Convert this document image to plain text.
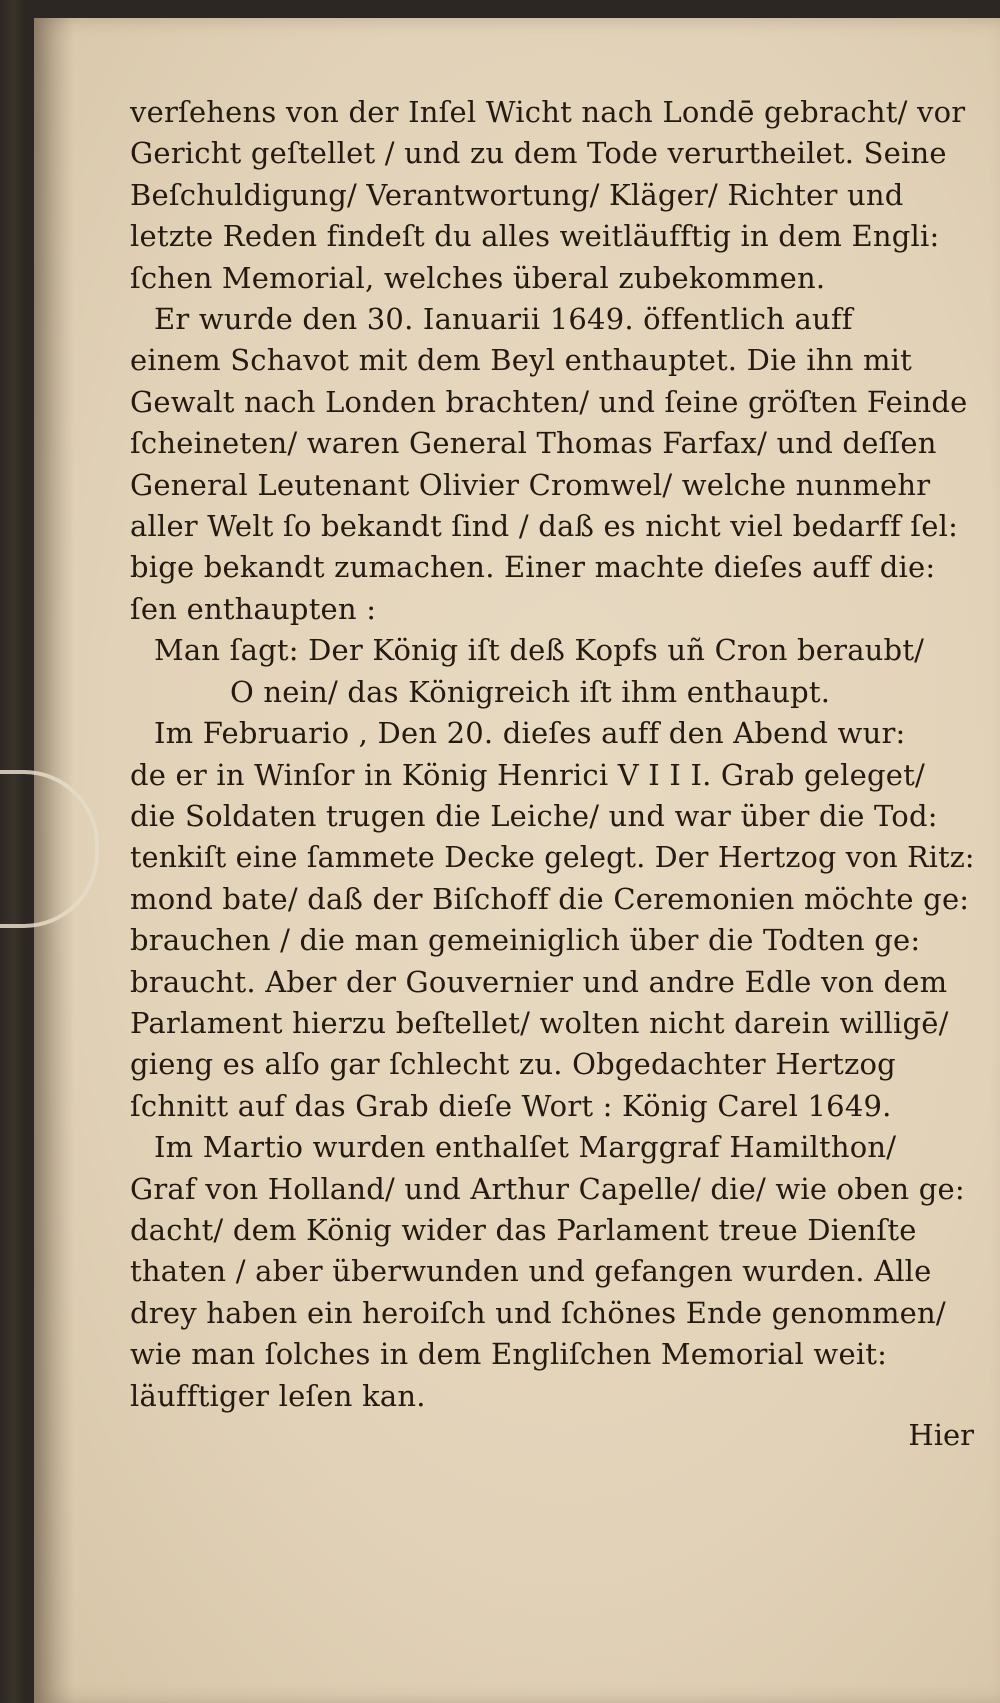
verſehens von der Inſel Wicht nach Londē gebracht/ vor
Gericht geſtellet / und zu dem Tode verurtheilet. Seine
Beſchuldigung/ Verantwortung/ Kläger/ Richter und
letzte Reden findeſt du alles weitläufftig in dem Engli:
ſchen Memorial, welches überal zubekommen.
Er wurde den 30. Ianuarii 1649. öffentlich auff
einem Schavot mit dem Beyl enthauptet. Die ihn mit
Gewalt nach Londen brachten/ und ſeine gröſten Feinde
ſcheineten/ waren General Thomas Farfax/ und deſſen
General Leutenant Olivier Cromwel/ welche nunmehr
aller Welt ſo bekandt ſind / daß es nicht viel bedarff ſel:
bige bekandt zumachen. Einer machte dieſes auff die:
ſen enthaupten :
Man ſagt: Der König iſt deß Kopfs uñ Cron beraubt/
O nein/ das Königreich iſt ihm enthaupt.
Im Februario , Den 20. dieſes auff den Abend wur:
de er in Winſor in König Henrici V I I I. Grab geleget/
die Soldaten trugen die Leiche/ und war über die Tod:
tenkiſt eine ſammete Decke gelegt. Der Hertzog von Ritz:
mond bate/ daß der Biſchoff die Ceremonien möchte ge:
brauchen / die man gemeiniglich über die Todten ge:
braucht. Aber der Gouvernier und andre Edle von dem
Parlament hierzu beſtellet/ wolten nicht darein willigē/
gieng es alſo gar ſchlecht zu. Obgedachter Hertzog
ſchnitt auf das Grab dieſe Wort : König Carel 1649.
Im Martio wurden enthalſet Marggraf Hamilthon/
Graf von Holland/ und Arthur Capelle/ die/ wie oben ge:
dacht/ dem König wider das Parlament treue Dienſte
thaten / aber überwunden und gefangen wurden. Alle
drey haben ein heroiſch und ſchönes Ende genommen/
wie man ſolches in dem Engliſchen Memorial weit:
läufftiger leſen kan.
Hier
